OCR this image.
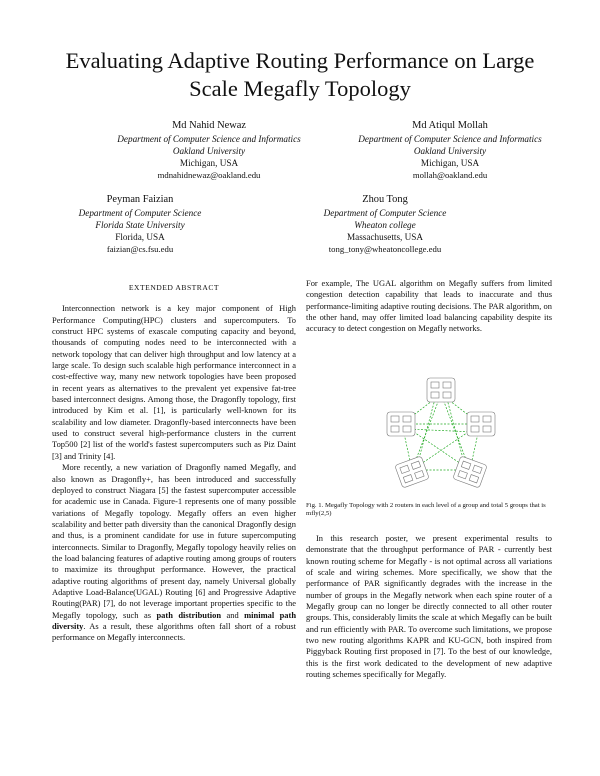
Evaluating Adaptive Routing Performance on Large
Scale Megafly Topology
Md Nahid Newaz
Department of Computer Science and Informatics
Oakland University
Michigan, USA
mdnahidnewaz@oakland.edu
Md Atiqul Mollah
Department of Computer Science and Informatics
Oakland University
Michigan, USA
mollah@oakland.edu
Peyman Faizian
Department of Computer Science
Florida State University
Florida, USA
faizian@cs.fsu.edu
Zhou Tong
Department of Computer Science
Wheaton college
Massachusetts, USA
tong_tony@wheatoncollege.edu
EXTENDED ABSTRACT

Interconnection network is a key major component of High Performance Computing(HPC) clusters and supercomputers. To construct HPC systems of exascale computing capacity and beyond, thousands of computing nodes need to be interconnected with a network topology that can deliver high throughput and low latency at a large scale. To design such scalable high performance interconnect in a cost-effective way, many new network topologies have been proposed in recent years as alternatives to the prevalent yet expensive fat-tree based interconnect designs. Among those, the Dragonfly topology, first introduced by Kim et al. [1], is particularly well-known for its scalability and low diameter. Dragonfly-based interconnects have been used to construct several high-performance clusters in the current Top500 [2] list of the world's fastest supercomputers such as Piz Daint [3] and Trinity [4].

More recently, a new variation of Dragonfly named Megafly, and also known as Dragonfly+, has been introduced and successfully deployed to construct Niagara [5] the fastest supercomputer accessible for academic use in Canada. Figure-1 represents one of many possible variations of Megafly topology. Megafly offers an even higher scalability and better path diversity than the canonical Dragonfly design and thus, is a prominent candidate for use in future supercomputing interconnects. Similar to Dragonfly, Megafly topology heavily relies on the load balancing features of adaptive routing among groups of routers to maximize its throughput performance. However, the practical adaptive routing algorithms of present day, namely Universal globally Adaptive Load-Balance(UGAL) Routing [6] and Progressive Adaptive Routing(PAR) [7], do not leverage important properties specific to the Megafly topology, such as path distribution and minimal path diversity. As a result, these algorithms often fall short of a robust performance on Megafly interconnects.

For example, The UGAL algorithm on Megafly suffers from limited congestion detection capability that leads to inaccurate and thus performance-limiting adaptive routing decisions. The PAR algorithm, on the other hand, may offer limited load balancing capability despite its accuracy to detect congestion on Megafly networks.

Fig. 1. Megafly Topology with 2 routers in each level of a group and total 5 groups that is mfly(2,5)

In this research poster, we present experimental results to demonstrate that the throughput performance of PAR - currently best known routing scheme for Megafly - is not optimal across all variations of scale and wiring schemes. More specifically, we show that the performance of PAR significantly degrades with the increase in the number of groups in the Megafly network when each spine router of a Megafly group can no longer be directly connected to all other router groups. This, considerably limits the scale at which Megafly can be built and run efficiently with PAR. To overcome such limitations, we propose two new routing algorithms KAPR and KU-GCN, both inspired from Piggyback Routing first proposed in [7]. To the best of our knowledge, this is the first work dedicated to the development of new adaptive routing schemes specifically for Megafly.
